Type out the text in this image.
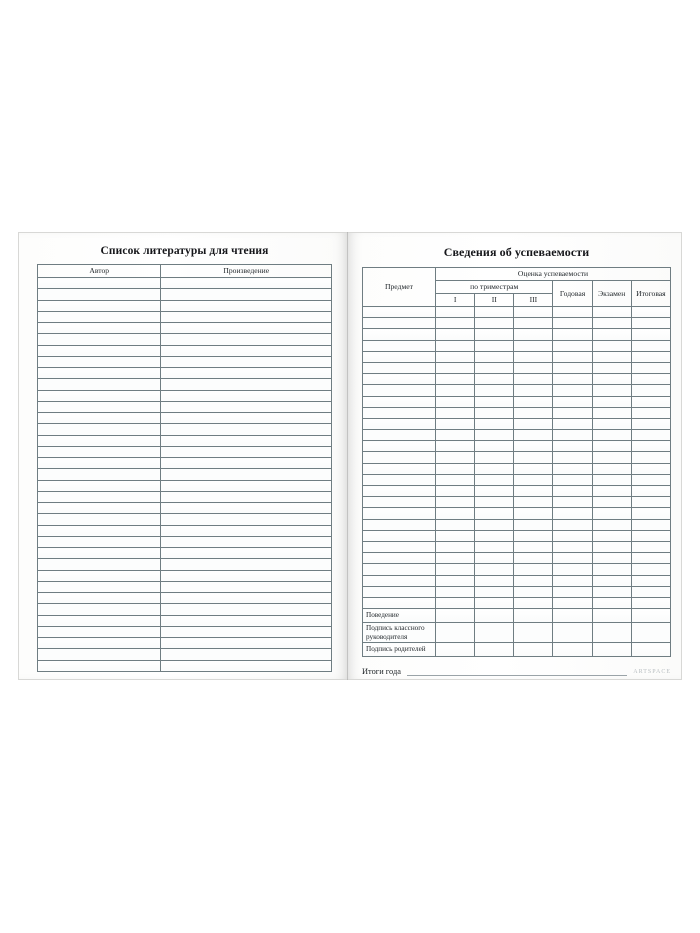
Список литературы для чтения
Автор	Произведение

Сведения об успеваемости
Предмет	Оценка успеваемости					
	по триместрам			Годовая	Экзамен	Итоговая
	I	II	III			

Поведение						
Подпись классного руководителя						
Подпись родителей						
Итоги года	ARTSPACE
